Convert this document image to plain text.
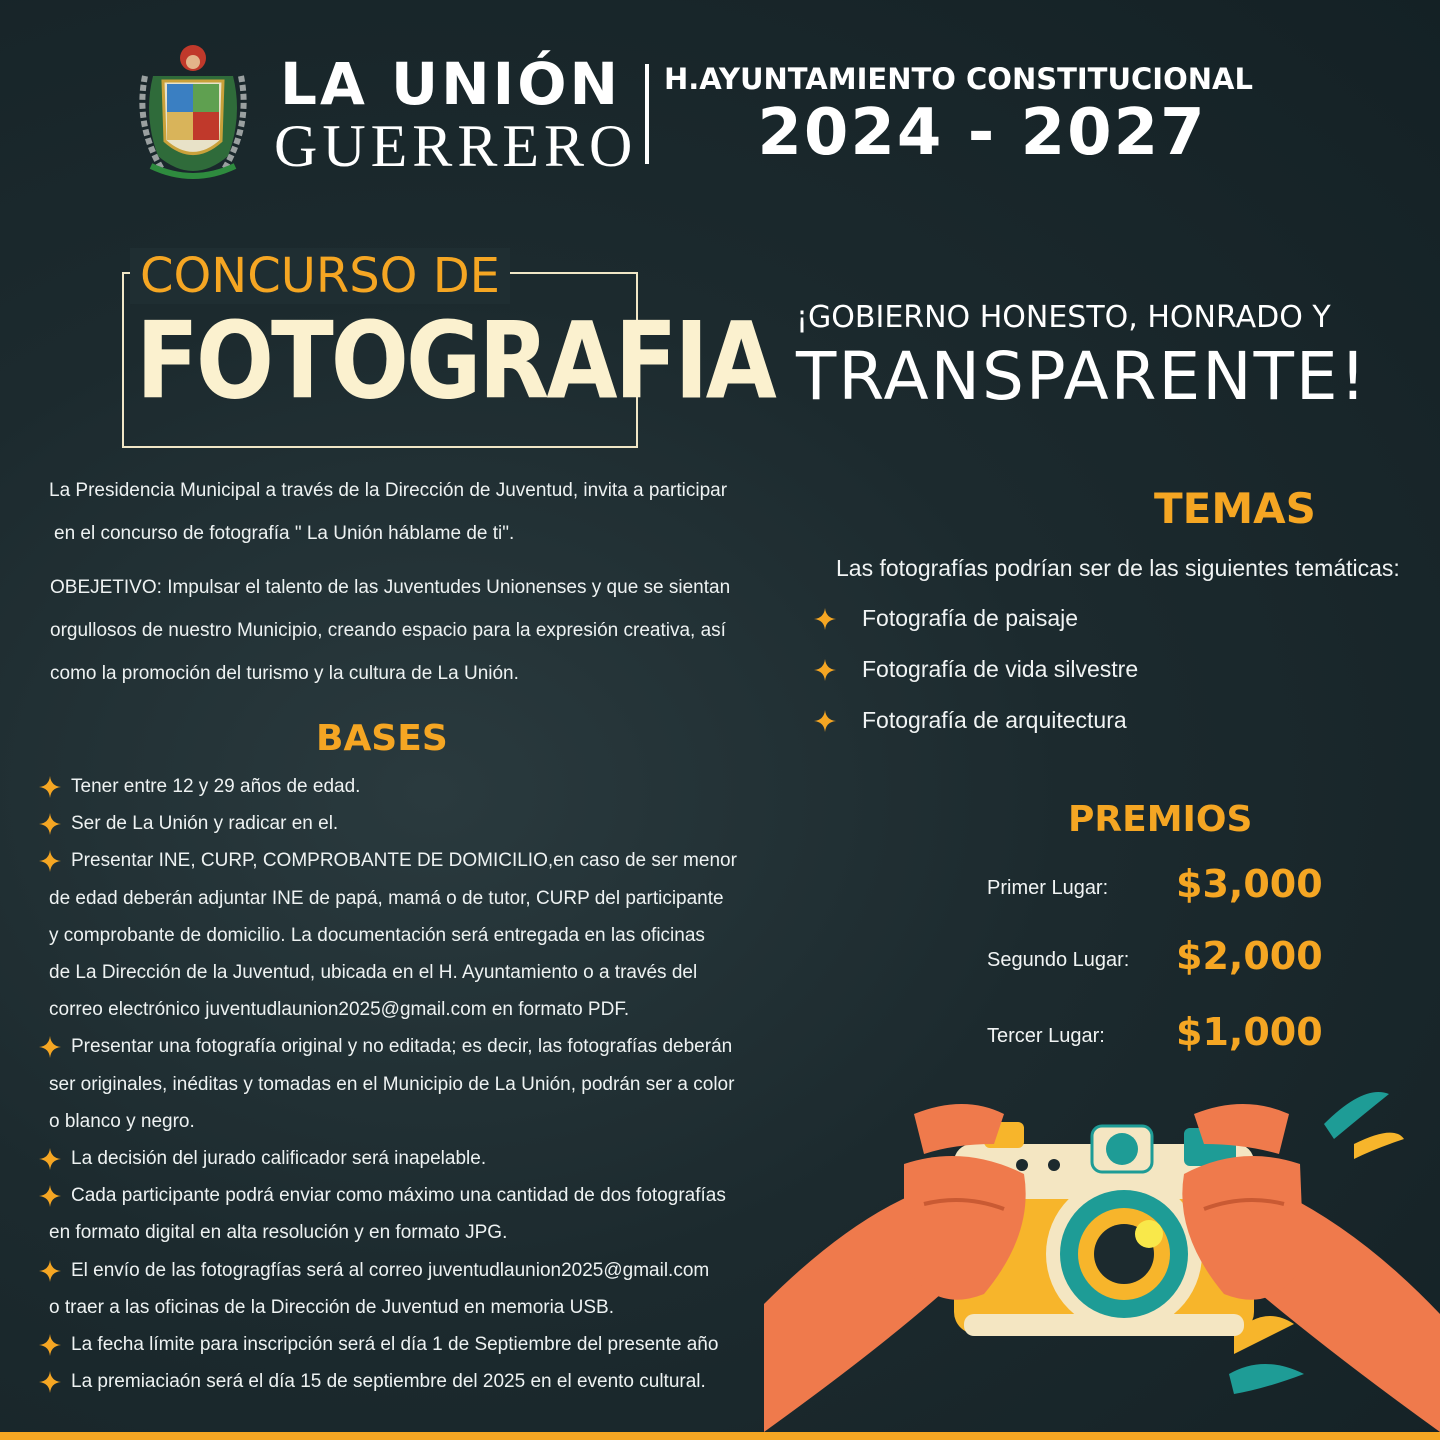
LA UNIÓN
GUERRERO
H.AYUNTAMIENTO CONSTITUCIONAL
2024 - 2027
CONCURSO DE
FOTOGRAFIA ¡GOBIERNO HONESTO, HONRADO Y
TRANSPARENTE!
La Presidencia Municipal a través de la Dirección de Juventud, invita a participar
en el concurso de fotografía " La Unión háblame de ti".
OBEJETIVO: Impulsar el talento de las Juventudes Unionenses y que se sientan
orgullosos de nuestro Municipio, creando espacio para la expresión creativa, así
como la promoción del turismo y la cultura de La Unión.
BASES
Tener entre 12 y 29 años de edad.
Ser de La Unión y radicar en el.
Presentar INE, CURP, COMPROBANTE DE DOMICILIO,en caso de ser menor
de edad deberán adjuntar INE de papá, mamá o de tutor, CURP del participante
y comprobante de domicilio. La documentación será entregada en las oficinas
de La Dirección de la Juventud, ubicada en el H. Ayuntamiento o a través del
correo electrónico juventudlaunion2025@gmail.com en formato PDF.
Presentar una fotografía original y no editada; es decir, las fotografías deberán
ser originales, inéditas y tomadas en el Municipio de La Unión, podrán ser a color
o blanco y negro.
La decisión del jurado calificador será inapelable.
Cada participante podrá enviar como máximo una cantidad de dos fotografías
en formato digital en alta resolución y en formato JPG.
El envío de las fotogragfías será al correo juventudlaunion2025@gmail.com
o traer a las oficinas de la Dirección de Juventud en memoria USB.
La fecha límite para inscripción será el día 1 de Septiembre del presente año
La premiaciaón será el día 15 de septiembre del 2025 en el evento cultural.
TEMAS
Las fotografías podrían ser de las siguientes temáticas:
Fotografía de paisaje
Fotografía de vida silvestre
Fotografía de arquitectura
PREMIOS
Primer Lugar: $3,000
Segundo Lugar: $2,000
Tercer Lugar: $1,000
